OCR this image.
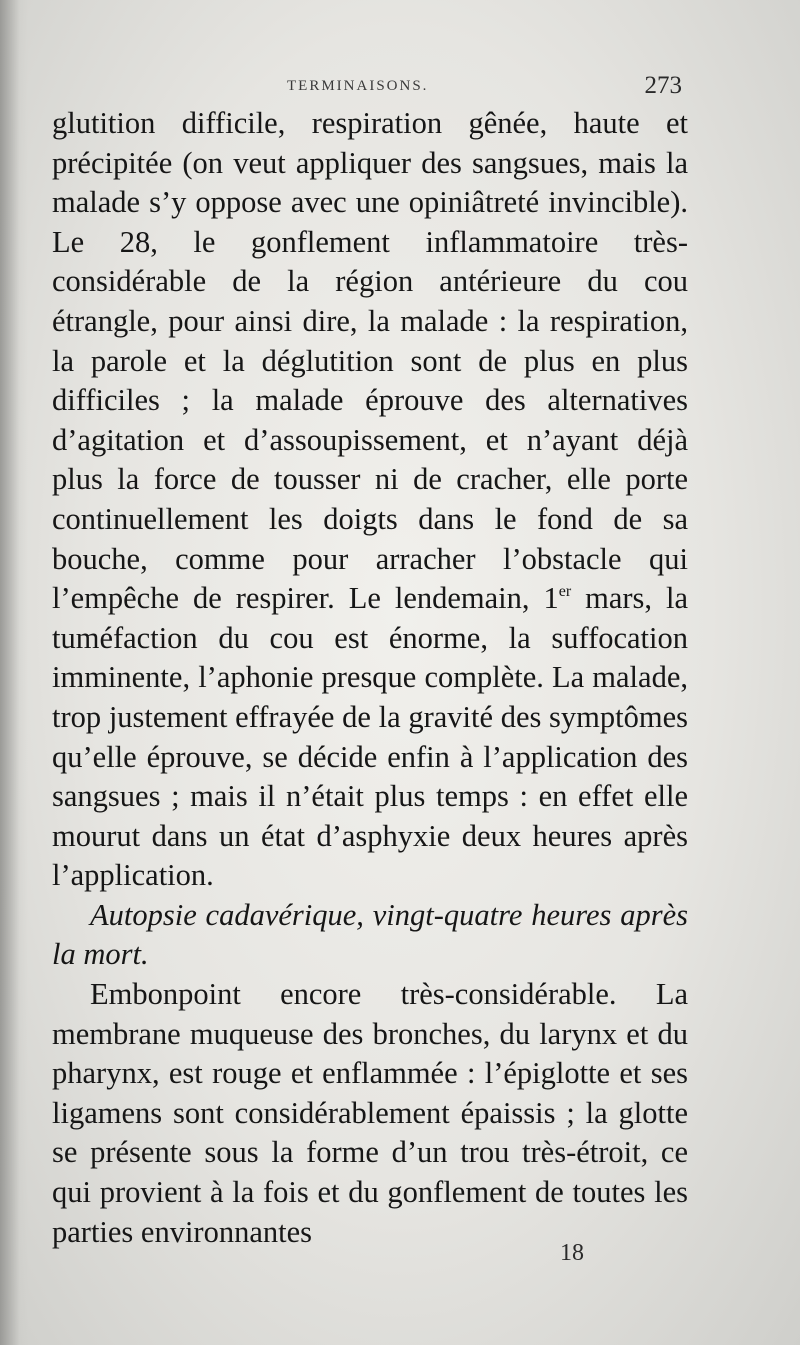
TERMINAISONS.	273

glutition difficile, respiration gênée, haute et précipitée (on veut appliquer des sangsues, mais la malade s’y oppose avec une opiniâtreté invincible). Le 28, le gonflement inflammatoire très-considérable de la région antérieure du cou étrangle, pour ainsi dire, la malade : la respiration, la parole et la déglutition sont de plus en plus difficiles ; la malade éprouve des alternatives d’agitation et d’assoupissement, et n’ayant déjà plus la force de tousser ni de cracher, elle porte continuellement les doigts dans le fond de sa bouche, comme pour arracher l’obstacle qui l’empêche de respirer. Le lendemain, 1er mars, la tuméfaction du cou est énorme, la suffocation imminente, l’aphonie presque complète. La malade, trop justement effrayée de la gravité des symptômes qu’elle éprouve, se décide enfin à l’application des sangsues ; mais il n’était plus temps : en effet elle mourut dans un état d’asphyxie deux heures après l’application.

Autopsie cadavérique, vingt-quatre heures après la mort.

Embonpoint encore très-considérable. La membrane muqueuse des bronches, du larynx et du pharynx, est rouge et enflammée : l’épiglotte et ses ligamens sont considérablement épaissis ; la glotte se présente sous la forme d’un trou très-étroit, ce qui provient à la fois et du gonflement de toutes les parties environnantes

18
